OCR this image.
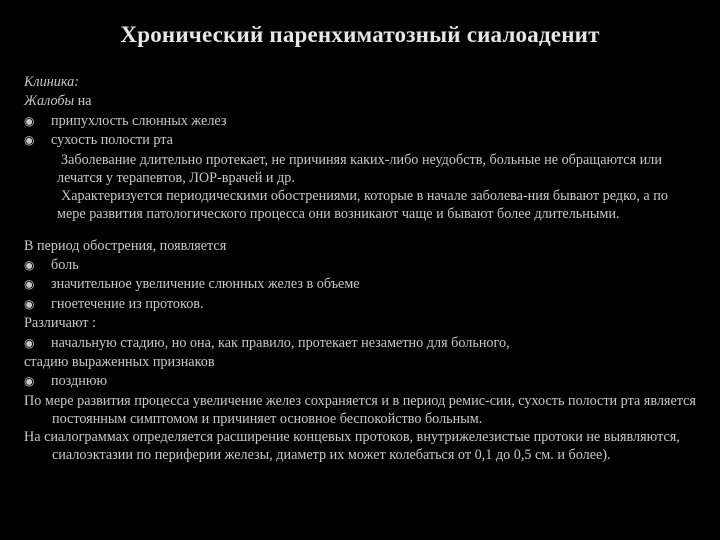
Хронический паренхиматозный сиалоаденит
Клиника:
Жалобы на
◉	припухлость слюнных желез
◉	сухость полости рта
Заболевание длительно протекает, не причиняя каких-либо неудобств, больные не обращаются или лечатся у терапевтов, ЛОР-врачей и др.
Характеризуется периодическими обострениями, которые в начале заболева-ния бывают редко, а по мере развития патологического процесса они возникают чаще и бывают более длительными.
В период обострения, появляется
◉	боль
◉	значительное увеличение слюнных желез в объеме
◉	гноетечение из протоков.
Различают :
◉	начальную стадию, но она, как правило, протекает незаметно для больного,
стадию выраженных признаков
◉	позднюю
По мере развития процесса увеличение желез сохраняется и в период ремис-сии, сухость полости рта является постоянным симптомом и причиняет основное беспокойство больным.
На сиалограммах определяется расширение концевых протоков, внутрижелезистые протоки не выявляются, сиалоэктазии по периферии железы, диаметр их может колебаться от 0,1 до 0,5 см. и более).
